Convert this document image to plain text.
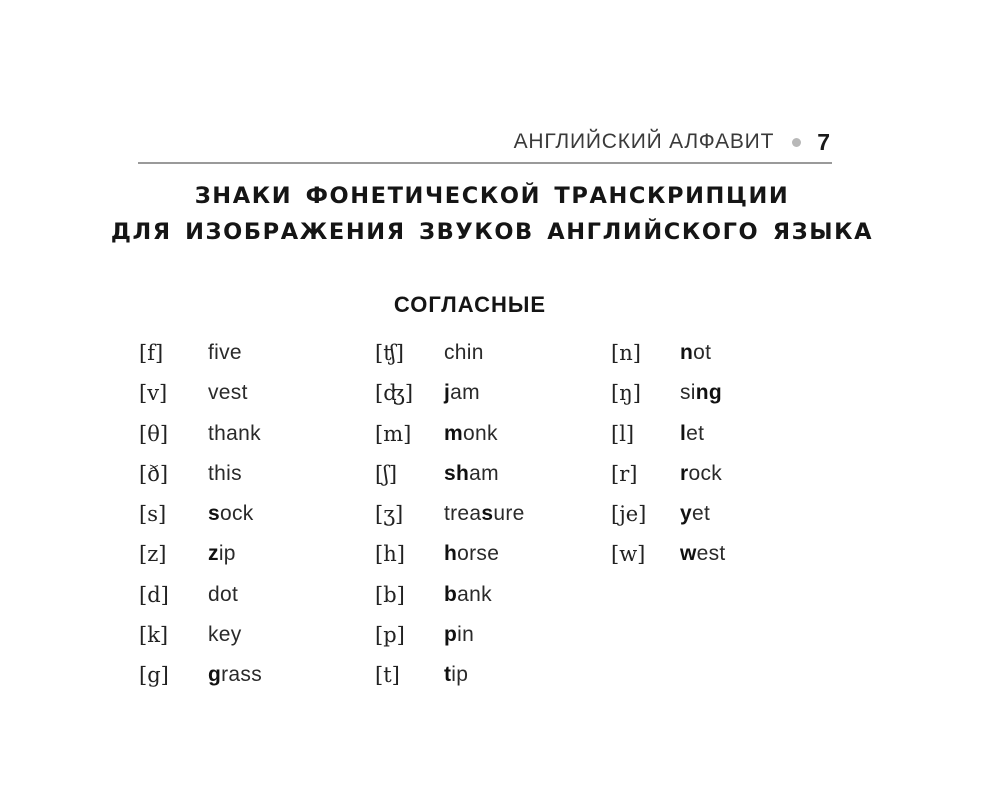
АНГЛИЙСКИЙ АЛФАВИТ 7
ЗНАКИ ФОНЕТИЧЕСКОЙ ТРАНСКРИПЦИИ
ДЛЯ ИЗОБРАЖЕНИЯ ЗВУКОВ АНГЛИЙСКОГО ЯЗЫКА
СОГЛАСНЫЕ
[f] five
[v] vest
[θ] thank
[ð] this
[s] sock
[z] zip
[d] dot
[k] key
[g] grass
[ʧ] chin
[ʤ] jam
[m] monk
[ʃ] sham
[ʒ] treasure
[h] horse
[b] bank
[p] pin
[t] tip
[n] not
[ŋ] sing
[l] let
[r] rock
[je] yet
[w] west
